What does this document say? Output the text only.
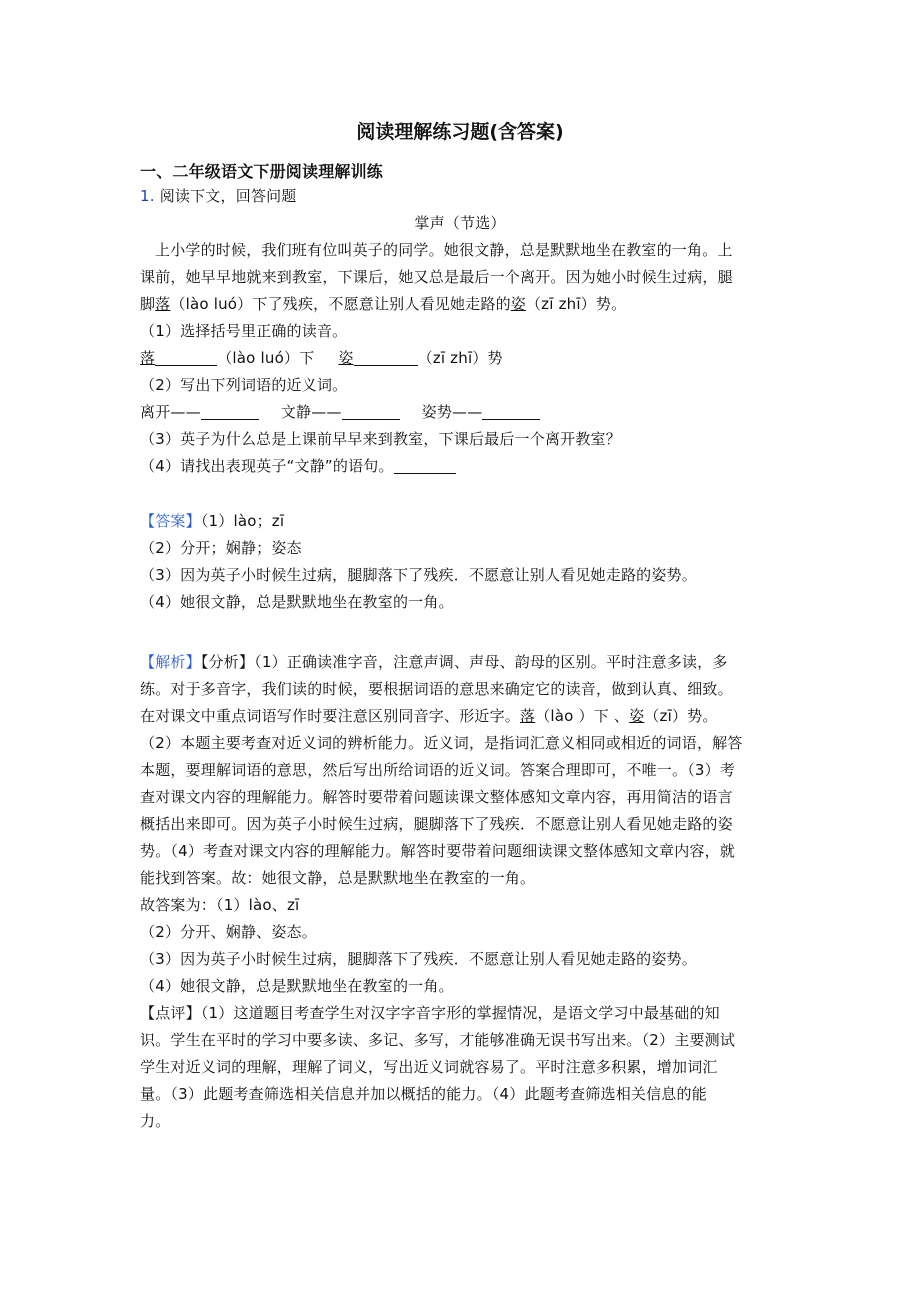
阅读理解练习题(含答案)
一、二年级语文下册阅读理解训练
1. 阅读下文，回答问题
掌声（节选）
上小学的时候，我们班有位叫英子的同学。她很文静，总是默默地坐在教室的一角。上
课前，她早早地就来到教室，下课后，她又总是最后一个离开。因为她小时候生过病，腿
脚落（lào luó）下了残疾，不愿意让别人看见她走路的姿（zī zhī）势。
（1）选择括号里正确的读音。
落	（lào luó）下 姿	（zī zhī）势
（2）写出下列词语的近义词。
离开——	文静——	姿势——
（3）英子为什么总是上课前早早来到教室，下课后最后一个离开教室？
（4）请找出表现英子“文静”的语句。
【答案】（1）lào；zī
（2）分开；娴静；姿态
（3）因为英子小时候生过病，腿脚落下了残疾．不愿意让别人看见她走路的姿势。
（4）她很文静，总是默默地坐在教室的一角。
【解析】【分析】（1）正确读准字音，注意声调、声母、韵母的区别。平时注意多读，多
练。对于多音字，我们读的时候，要根据词语的意思来确定它的读音，做到认真、细致。
在对课文中重点词语写作时要注意区别同音字、形近字。落（lào ）下 、姿（zī）势。
（2）本题主要考查对近义词的辨析能力。近义词，是指词汇意义相同或相近的词语，解答
本题，要理解词语的意思，然后写出所给词语的近义词。答案合理即可，不唯一。（3）考
查对课文内容的理解能力。解答时要带着问题读课文整体感知文章内容，再用简洁的语言
概括出来即可。因为英子小时候生过病，腿脚落下了残疾．不愿意让别人看见她走路的姿
势。（4）考查对课文内容的理解能力。解答时要带着问题细读课文整体感知文章内容，就
能找到答案。故：她很文静，总是默默地坐在教室的一角。
故答案为：（1）lào、zī
（2）分开、娴静、姿态。
（3）因为英子小时候生过病，腿脚落下了残疾．不愿意让别人看见她走路的姿势。
（4）她很文静，总是默默地坐在教室的一角。
【点评】（1）这道题目考查学生对汉字字音字形的掌握情况，是语文学习中最基础的知
识。学生在平时的学习中要多读、多记、多写，才能够准确无误书写出来。（2）主要测试
学生对近义词的理解，理解了词义，写出近义词就容易了。平时注意多积累，增加词汇
量。（3）此题考查筛选相关信息并加以概括的能力。（4）此题考查筛选相关信息的能
力。
